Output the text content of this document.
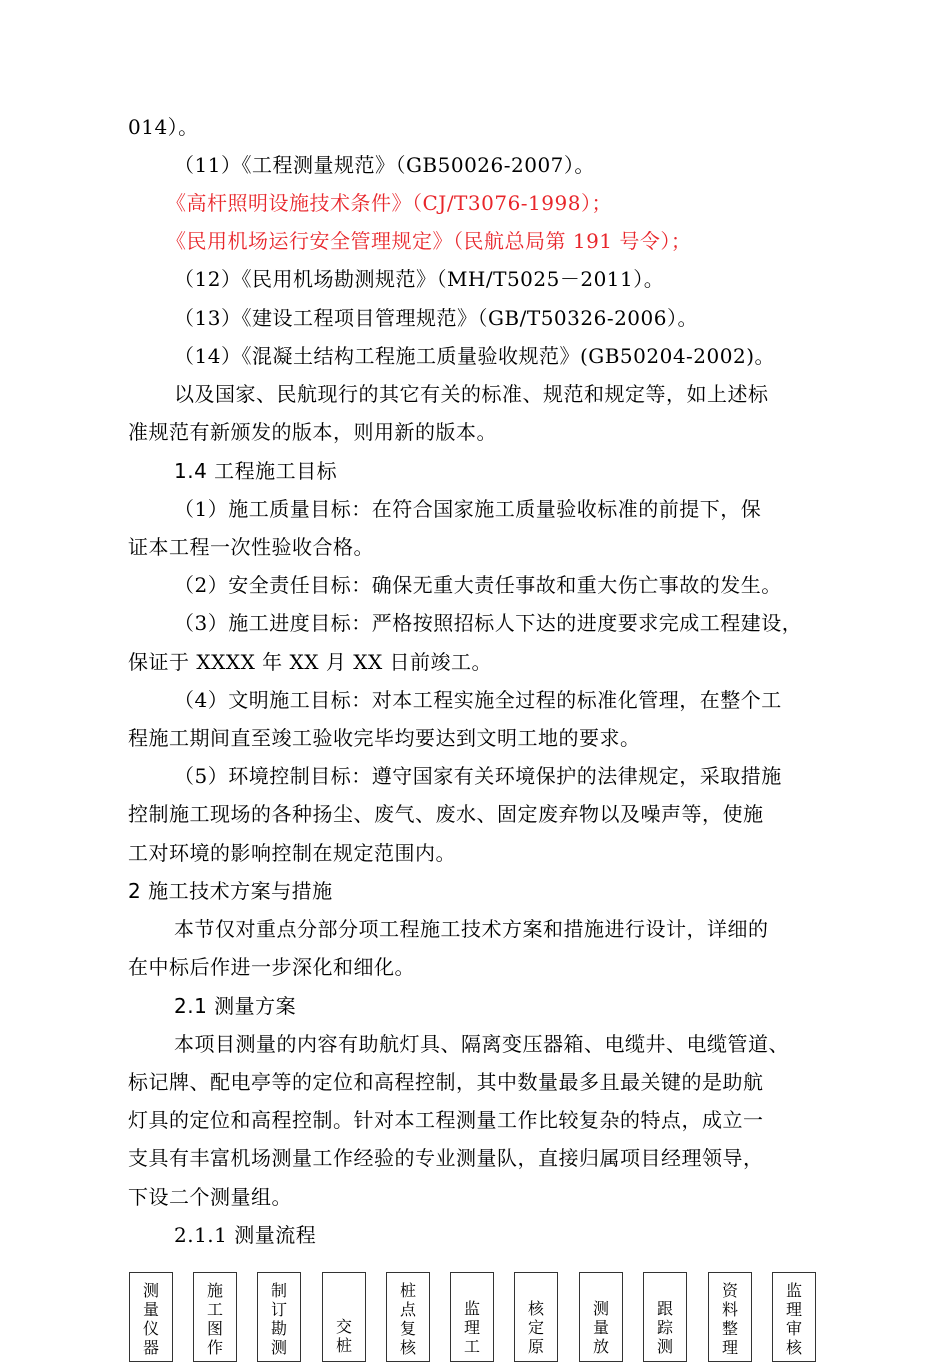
014）。
（11）《工程测量规范》（GB50026-2007）。
《高杆照明设施技术条件》（CJ/T3076-1998）；
《民用机场运行安全管理规定》（民航总局第 191 号令）；
（12）《民用机场勘测规范》（MH/T5025－2011）。
（13）《建设工程项目管理规范》（GB/T50326-2006）。
（14）《混凝土结构工程施工质量验收规范》(GB50204-2002)。
以及国家、民航现行的其它有关的标准、规范和规定等，如上述标
准规范有新颁发的版本，则用新的版本。
1.4 工程施工目标
（1）施工质量目标：在符合国家施工质量验收标准的前提下，保
证本工程一次性验收合格。
（2）安全责任目标：确保无重大责任事故和重大伤亡事故的发生。
（3）施工进度目标：严格按照招标人下达的进度要求完成工程建设，
保证于 XXXX 年 XX 月 XX 日前竣工。
（4）文明施工目标：对本工程实施全过程的标准化管理，在整个工
程施工期间直至竣工验收完毕均要达到文明工地的要求。
（5）环境控制目标：遵守国家有关环境保护的法律规定，采取措施
控制施工现场的各种扬尘、废气、废水、固定废弃物以及噪声等，使施
工对环境的影响控制在规定范围内。
2 施工技术方案与措施
本节仅对重点分部分项工程施工技术方案和措施进行设计，详细的
在中标后作进一步深化和细化。
2.1 测量方案
本项目测量的内容有助航灯具、隔离变压器箱、电缆井、电缆管道、
标记牌、配电亭等的定位和高程控制，其中数量最多且最关键的是助航
灯具的定位和高程控制。针对本工程测量工作比较复杂的特点，成立一
支具有丰富机场测量工作经验的专业测量队，直接归属项目经理领导，
下设二个测量组。
2.1.1 测量流程
测量仪器
施工图作
制订勘测
交桩
桩点复核
监理工
核定原
测量放
跟踪测
资料整理
监理审核
